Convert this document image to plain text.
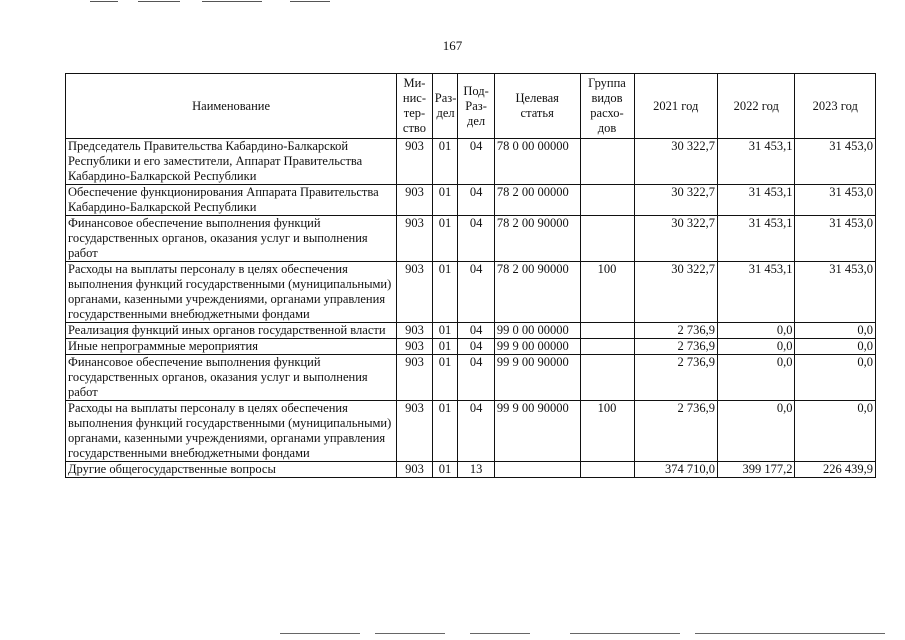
167
Наименование	Ми-
нис-
тер-
ство	Раз-
дел	Под-
Раз-
дел	Целевая
статья	Группа
видов
расхо-
дов	2021 год	2022 год	2023 год
Председатель Правительства Кабардино-Балкарской Республики и его заместители, Аппарат Правительства Кабардино-Балкарской Республики	903	01	04	78 0 00 00000		30 322,7	31 453,1	31 453,0
Обеспечение функционирования Аппарата Правительства Кабардино-Балкарской Республики	903	01	04	78 2 00 00000		30 322,7	31 453,1	31 453,0
Финансовое обеспечение выполнения функций государственных органов, оказания услуг и выполнения работ	903	01	04	78 2 00 90000		30 322,7	31 453,1	31 453,0
Расходы на выплаты персоналу в целях обеспечения выполнения функций государственными (муниципальными) органами, казенными учреждениями, органами управления государственными внебюджетными фондами	903	01	04	78 2 00 90000	100	30 322,7	31 453,1	31 453,0
Реализация функций иных органов государственной власти	903	01	04	99 0 00 00000		2 736,9	0,0	0,0
Иные непрограммные мероприятия	903	01	04	99 9 00 00000		2 736,9	0,0	0,0
Финансовое обеспечение выполнения функций государственных органов, оказания услуг и выполнения работ	903	01	04	99 9 00 90000		2 736,9	0,0	0,0
Расходы на выплаты персоналу в целях обеспечения выполнения функций государственными (муниципальными) органами, казенными учреждениями, органами управления государственными внебюджетными фондами	903	01	04	99 9 00 90000	100	2 736,9	0,0	0,0
Другие общегосударственные вопросы	903	01	13			374 710,0	399 177,2	226 439,9
